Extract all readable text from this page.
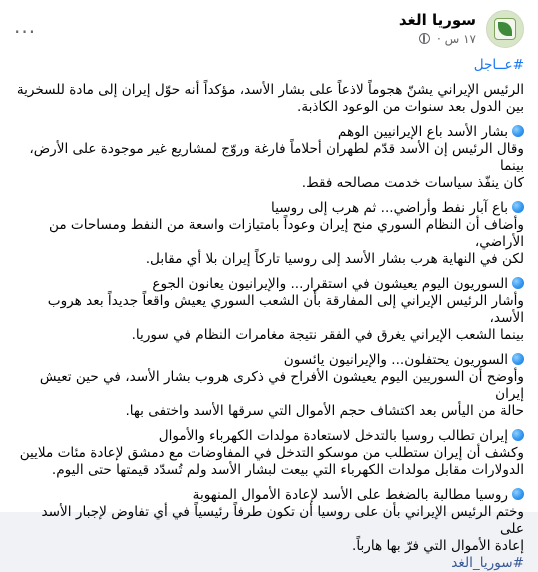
سوريا الغد
١٧ س ·
...
#عــاجل
الرئيس الإيراني يشنّ هجوماً لاذعاً على بشار الأسد، مؤكداً أنه حوّل إيران إلى مادة للسخرية بين الدول بعد سنوات من الوعود الكاذبة.
بشار الأسد باع الإيرانيين الوهم
وقال الرئيس إن الأسد قدّم لطهران أحلاماً فارغة وروّج لمشاريع غير موجودة على الأرض، بينما
كان ينفّذ سياسات خدمت مصالحه فقط.
باع آبار نفط وأراضي... ثم هرب إلى روسيا
وأضاف أن النظام السوري منح إيران وعوداً بامتيازات واسعة من النفط ومساحات من الأراضي،
لكن في النهاية هرب بشار الأسد إلى روسيا تاركاً إيران بلا أي مقابل.
السوريون اليوم يعيشون في استقرار... والإيرانيون يعانون الجوع
وأشار الرئيس الإيراني إلى المفارقة بأن الشعب السوري يعيش واقعاً جديداً بعد هروب الأسد،
بينما الشعب الإيراني يغرق في الفقر نتيجة مغامرات النظام في سوريا.
السوريون يحتفلون... والإيرانيون يائسون
وأوضح أن السوريين اليوم يعيشون الأفراح في ذكرى هروب بشار الأسد، في حين تعيش إيران
حالة من اليأس بعد اكتشاف حجم الأموال التي سرقها الأسد واختفى بها.
إيران تطالب روسيا بالتدخل لاستعادة مولدات الكهرباء والأموال
وكشف أن إيران ستطلب من موسكو التدخل في المفاوضات مع دمشق لإعادة مئات ملايين
الدولارات مقابل مولدات الكهرباء التي بيعت لبشار الأسد ولم تُسدّد قيمتها حتى اليوم.
روسيا مطالبة بالضغط على الأسد لإعادة الأموال المنهوبة
وختم الرئيس الإيراني بأن على روسيا أن تكون طرفاً رئيسياً في أي تفاوض لإجبار الأسد على
إعادة الأموال التي فرّ بها هارباً.
#سوريا_الغد
